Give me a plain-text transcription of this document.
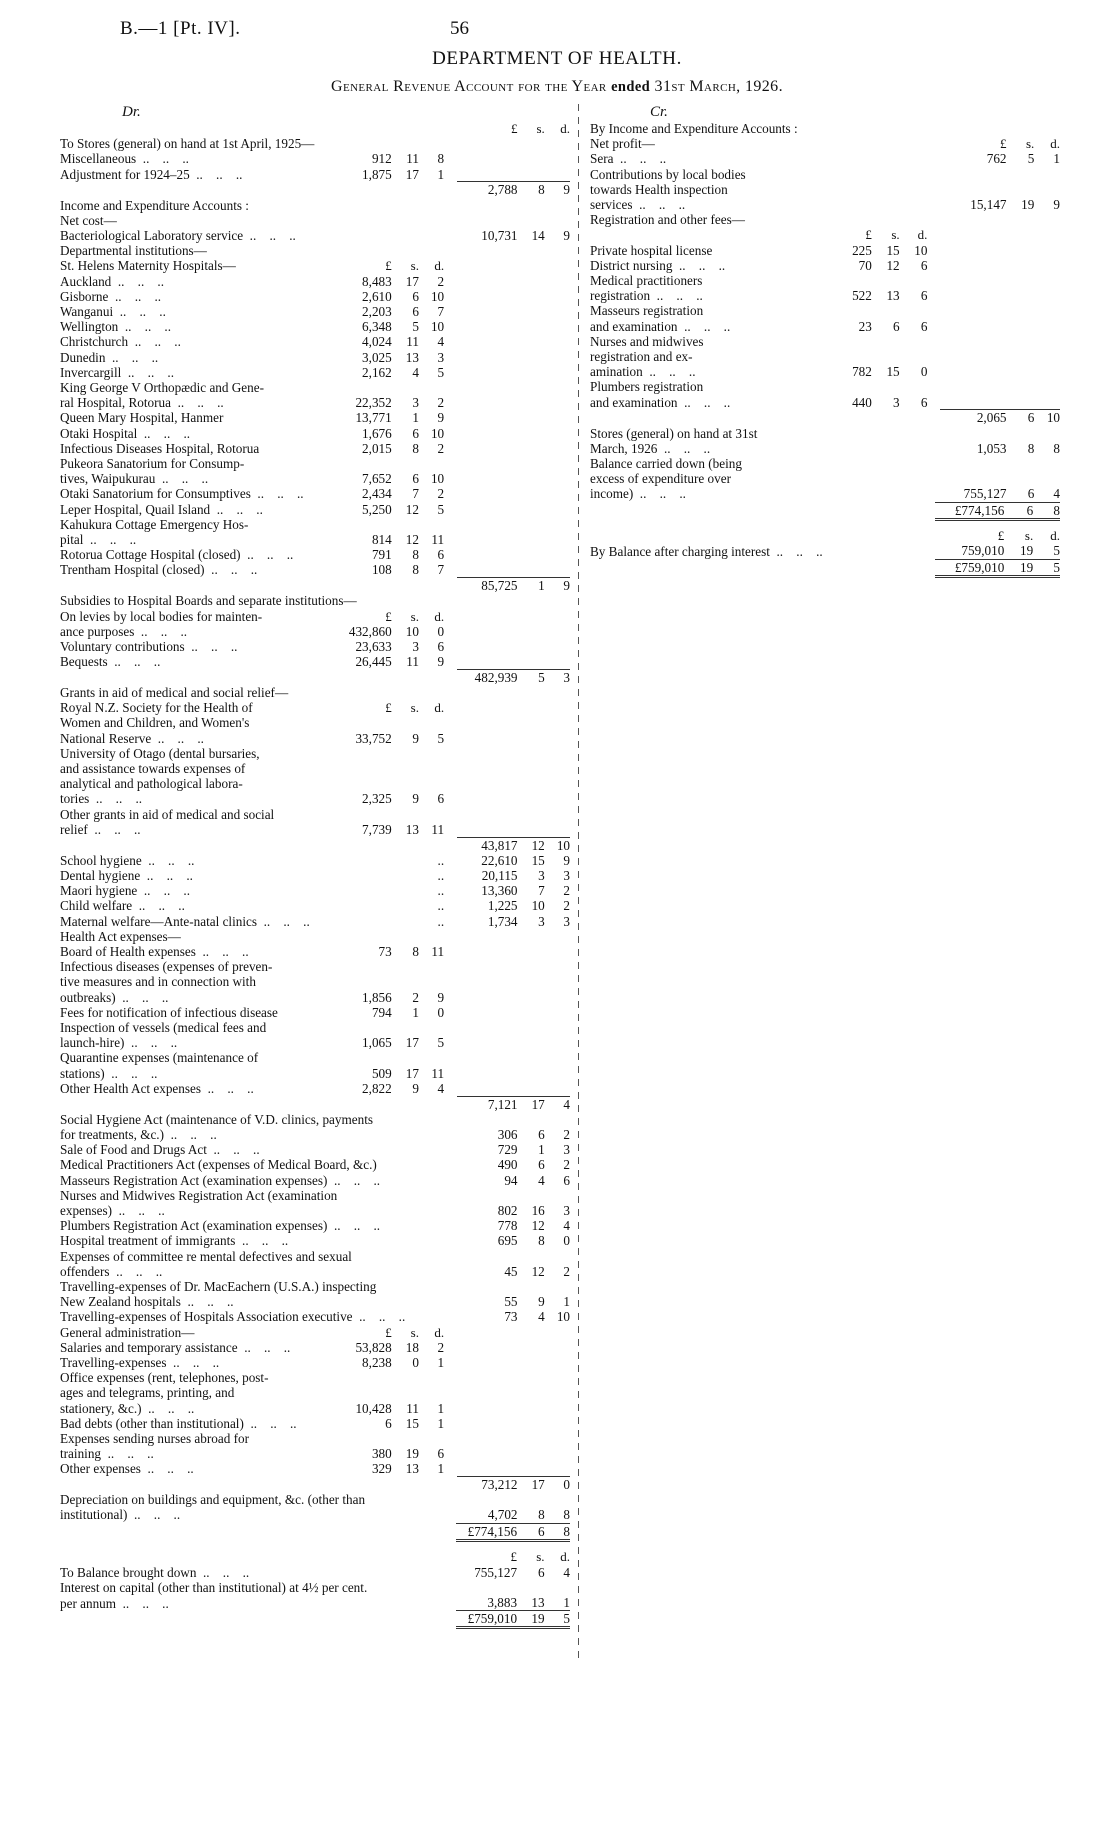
B.—1 [Pt. IV].	56
DEPARTMENT OF HEALTH.
General Revenue Account for the Year ended 31st March, 1926.
Dr.
					£	s.	d.
To Stores (general) on hand at 1st April, 1925—							
Miscellaneous  ..    ..    ..	912	11	8				
Adjustment for 1924–25  ..    ..    ..	1,875	17	1				
					2,788	8	9
Income and Expenditure Accounts :							
Net cost—							
Bacteriological Laboratory service  ..    ..    ..					10,731	14	9
Departmental institutions—							
St. Helens Maternity Hospitals—	£	s.	d.				
Auckland  ..    ..    ..	8,483	17	2				
Gisborne  ..    ..    ..	2,610	6	10				
Wanganui  ..    ..    ..	2,203	6	7				
Wellington  ..    ..    ..	6,348	5	10				
Christchurch  ..    ..    ..	4,024	11	4				
Dunedin  ..    ..    ..	3,025	13	3				
Invercargill  ..    ..    ..	2,162	4	5				
King George V Orthopædic and Gene-							
ral Hospital, Rotorua  ..    ..    ..	22,352	3	2				
Queen Mary Hospital, Hanmer	13,771	1	9				
Otaki Hospital  ..    ..    ..	1,676	6	10				
Infectious Diseases Hospital, Rotorua	2,015	8	2				
Pukeora Sanatorium for Consump-							
tives, Waipukurau  ..    ..    ..	7,652	6	10				
Otaki Sanatorium for Consumptives  ..    ..    ..	2,434	7	2				
Leper Hospital, Quail Island  ..    ..    ..	5,250	12	5				
Kahukura Cottage Emergency Hos-							
pital  ..    ..    ..	814	12	11				
Rotorua Cottage Hospital (closed)  ..    ..    ..	791	8	6				
Trentham Hospital (closed)  ..    ..    ..	108	8	7				
					85,725	1	9
Subsidies to Hospital Boards and separate institutions—							
On levies by local bodies for mainten-	£	s.	d.				
ance purposes  ..    ..    ..	432,860	10	0				
Voluntary contributions  ..    ..    ..	23,633	3	6				
Bequests  ..    ..    ..	26,445	11	9				
					482,939	5	3
Grants in aid of medical and social relief—							
Royal N.Z. Society for the Health of	£	s.	d.				
Women and Children, and Women's							
National Reserve  ..    ..    ..	33,752	9	5				
University of Otago (dental bursaries,							
and assistance towards expenses of							
analytical and pathological labora-							
tories  ..    ..    ..	2,325	9	6				
Other grants in aid of medical and social							
relief  ..    ..    ..	7,739	13	11				
					43,817	12	10
School hygiene  ..    ..    ..			..		22,610	15	9
Dental hygiene  ..    ..    ..			..		20,115	3	3
Maori hygiene  ..    ..    ..			..		13,360	7	2
Child welfare  ..    ..    ..			..		1,225	10	2
Maternal welfare—Ante-natal clinics  ..    ..    ..			..		1,734	3	3
Health Act expenses—							
Board of Health expenses  ..    ..    ..	73	8	11				
Infectious diseases (expenses of preven-							
tive measures and in connection with							
outbreaks)  ..    ..    ..	1,856	2	9				
Fees for notification of infectious disease	794	1	0				
Inspection of vessels (medical fees and							
launch-hire)  ..    ..    ..	1,065	17	5				
Quarantine expenses (maintenance of							
stations)  ..    ..    ..	509	17	11				
Other Health Act expenses  ..    ..    ..	2,822	9	4				
					7,121	17	4
Social Hygiene Act (maintenance of V.D. clinics, payments							
for treatments, &c.)  ..    ..    ..					306	6	2
Sale of Food and Drugs Act  ..    ..    ..					729	1	3
Medical Practitioners Act (expenses of Medical Board, &c.)					490	6	2
Masseurs Registration Act (examination expenses)  ..    ..    ..					94	4	6
Nurses and Midwives Registration Act (examination							
expenses)  ..    ..    ..					802	16	3
Plumbers Registration Act (examination expenses)  ..    ..    ..					778	12	4
Hospital treatment of immigrants  ..    ..    ..					695	8	0
Expenses of committee re mental defectives and sexual							
offenders  ..    ..    ..					45	12	2
Travelling-expenses of Dr. MacEachern (U.S.A.) inspecting							
New Zealand hospitals  ..    ..    ..					55	9	1
Travelling-expenses of Hospitals Association executive  ..    ..    ..					73	4	10
General administration—	£	s.	d.				
Salaries and temporary assistance  ..    ..    ..	53,828	18	2				
Travelling-expenses  ..    ..    ..	8,238	0	1				
Office expenses (rent, telephones, post-							
ages and telegrams, printing, and							
stationery, &c.)  ..    ..    ..	10,428	11	1				
Bad debts (other than institutional)  ..    ..    ..	6	15	1				
Expenses sending nurses abroad for							
training  ..    ..    ..	380	19	6				
Other expenses  ..    ..    ..	329	13	1				
					73,212	17	0
Depreciation on buildings and equipment, &c. (other than							
institutional)  ..    ..    ..					4,702	8	8
	£774,156	6	8

	£	s.	d.
To Balance brought down  ..    ..    ..	755,127	6	4
Interest on capital (other than institutional) at 4½ per cent.			
per annum  ..    ..    ..	3,883	13	1
	£759,010	19	5
Cr.
By Income and Expenditure Accounts :							
Net profit—					£	s.	d.
Sera  ..    ..    ..					762	5	1
Contributions by local bodies							
towards Health inspection							
services  ..    ..    ..					15,147	19	9
Registration and other fees—							
	£	s.	d.				
Private hospital license	225	15	10				
District nursing  ..    ..    ..	70	12	6				
Medical practitioners							
registration  ..    ..    ..	522	13	6				
Masseurs registration							
and examination  ..    ..    ..	23	6	6				
Nurses and midwives							
registration and ex-							
amination  ..    ..    ..	782	15	0				
Plumbers registration							
and examination  ..    ..    ..	440	3	6				
					2,065	6	10
Stores (general) on hand at 31st							
March, 1926  ..    ..    ..					1,053	8	8
Balance carried down (being							
excess of expenditure over							
income)  ..    ..    ..					755,127	6	4
	£774,156	6	8

	£	s.	d.
By Balance after charging interest  ..    ..    ..	759,010	19	5
	£759,010	19	5
